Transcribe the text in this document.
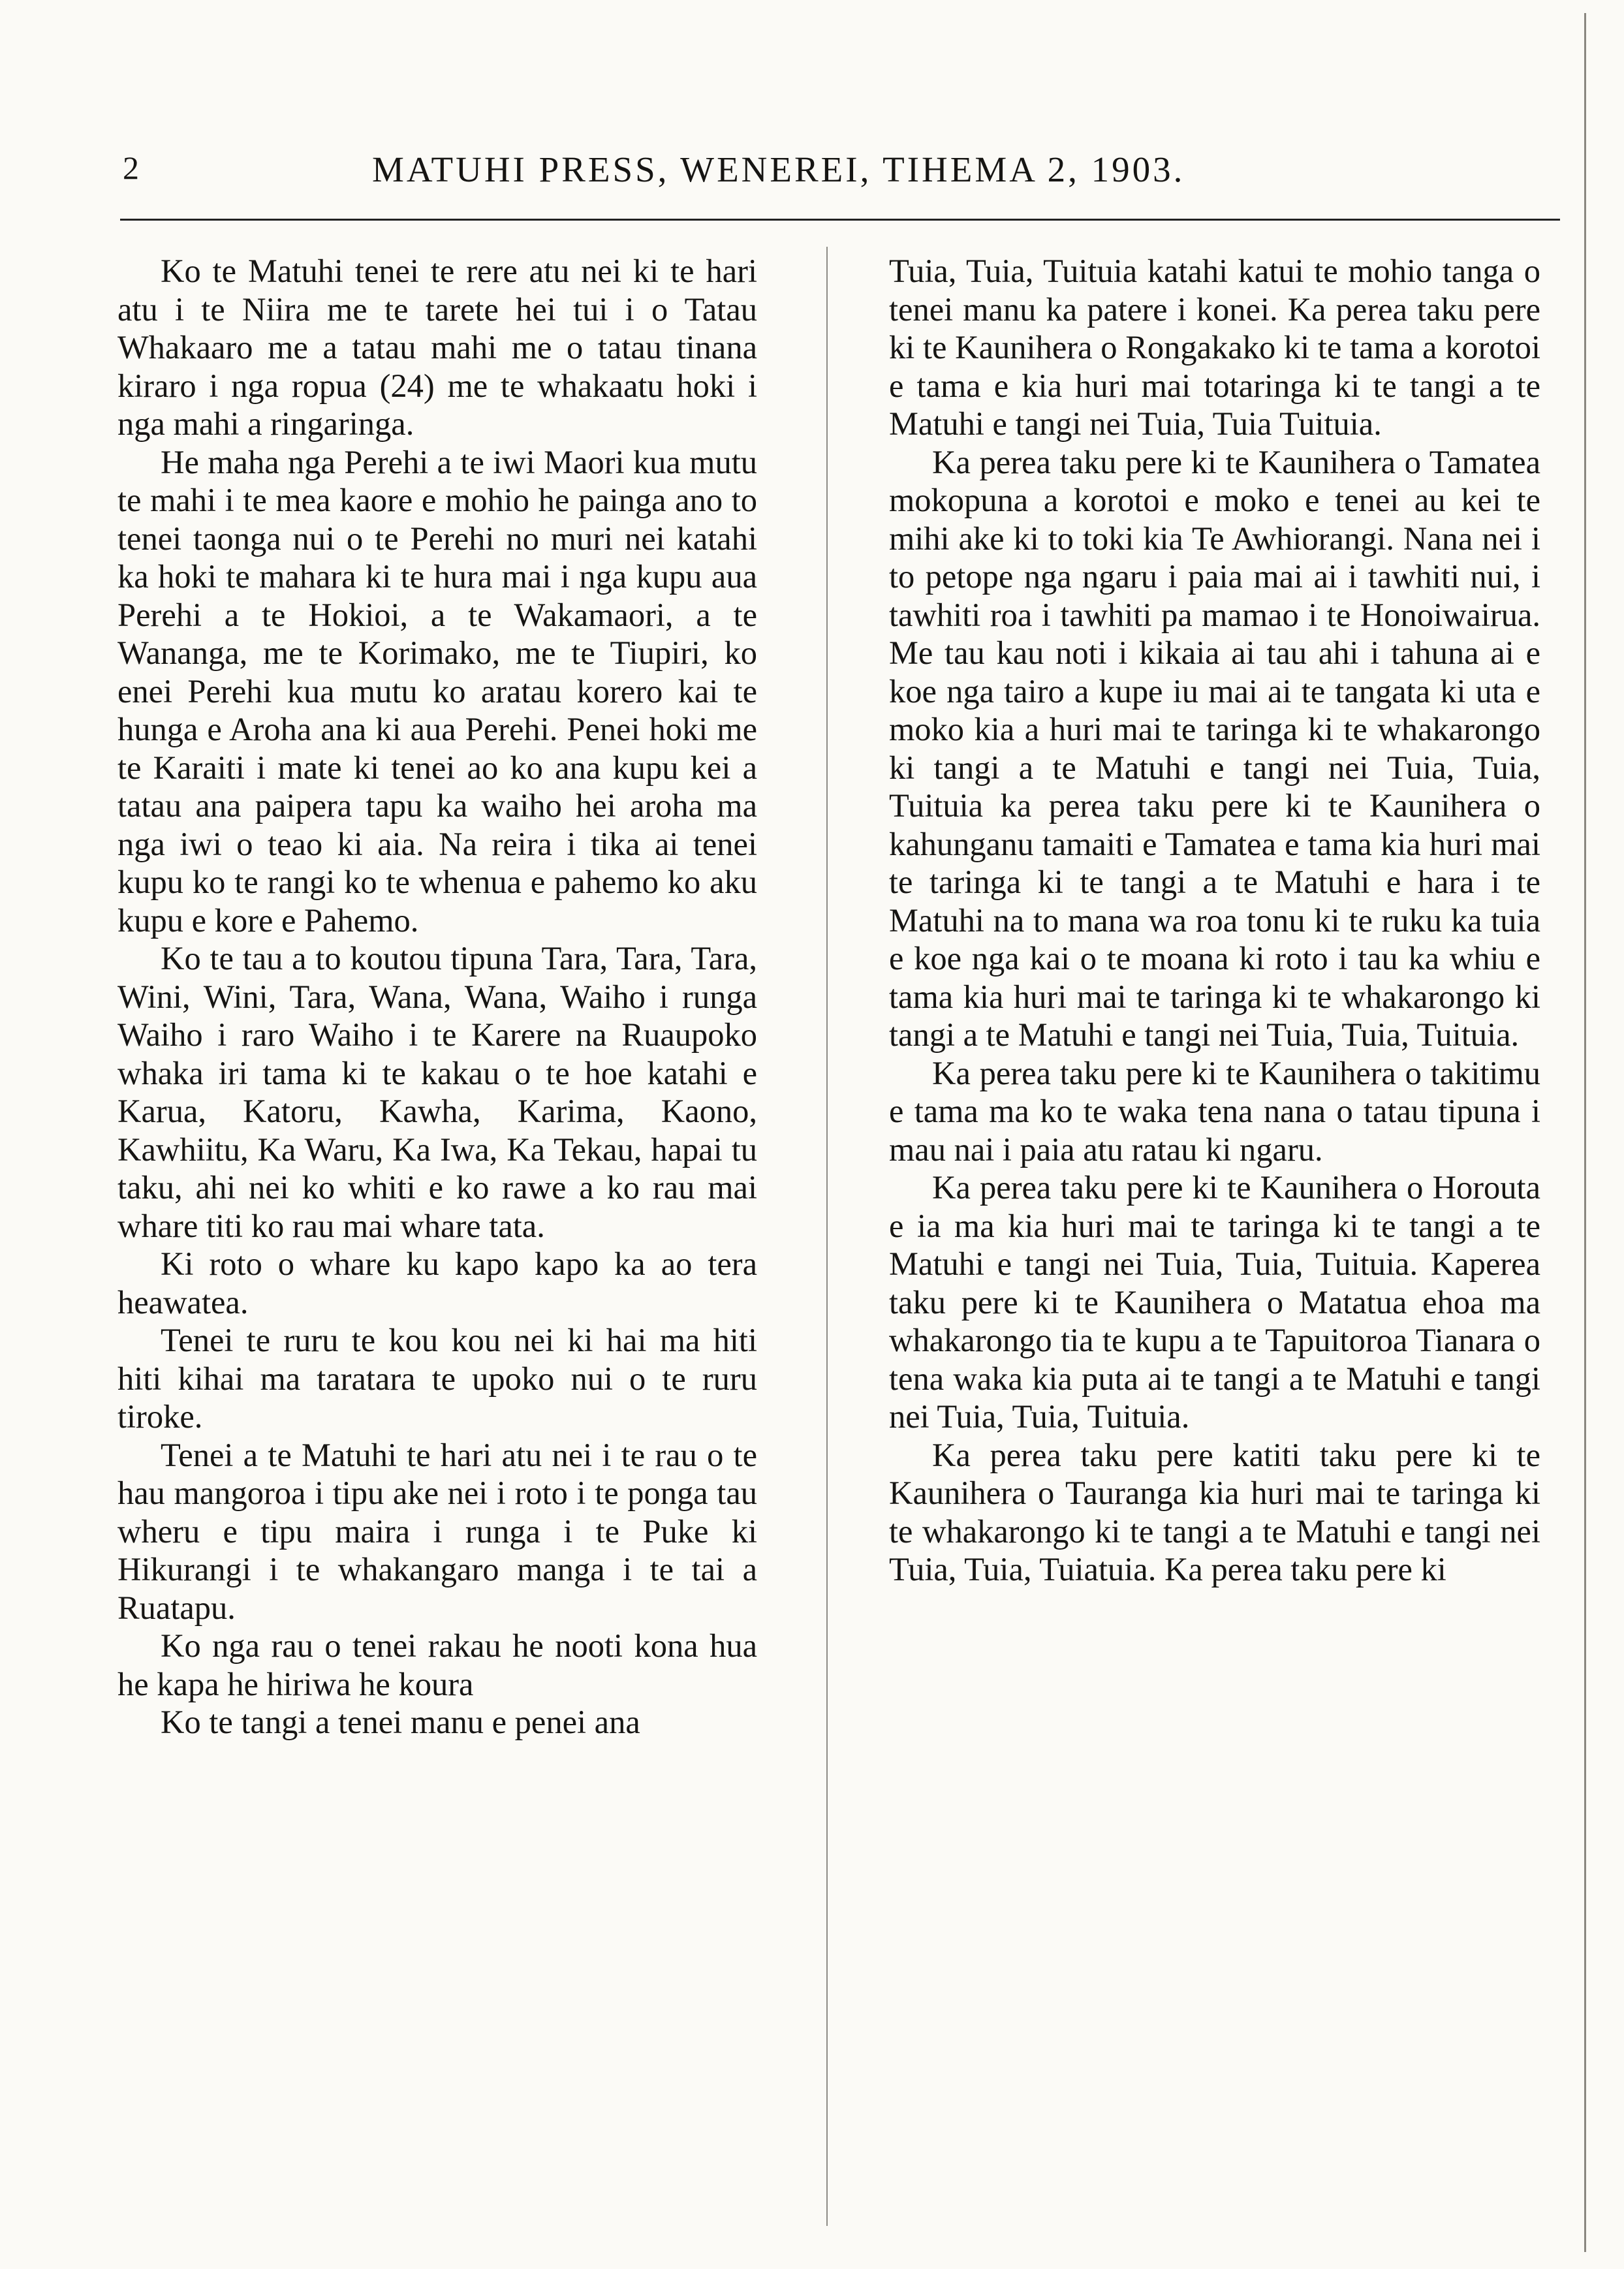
2	MATUHI PRESS, WENEREI, TIHEMA 2, 1903.

Ko te Matuhi tenei te rere atu nei ki te hari atu i te Niira me te tarete hei tui i o Tatau Whakaaro me a tatau mahi me o tatau tinana kiraro i nga ropua (24) me te whakaatu hoki i nga mahi a ringaringa.

He maha nga Perehi a te iwi Maori kua mutu te mahi i te mea kaore e mohio he painga ano to tenei taonga nui o te Perehi no muri nei katahi ka hoki te mahara ki te hura mai i nga kupu aua Perehi a te Hokioi, a te Wakamaori, a te Wananga, me te Korimako, me te Tiupiri, ko enei Perehi kua mutu ko aratau korero kai te hunga e Aroha ana ki aua Perehi. Penei hoki me te Karaiti i mate ki tenei ao ko ana kupu kei a tatau ana paipera tapu ka waiho hei aroha ma nga iwi o teao ki aia. Na reira i tika ai tenei kupu ko te rangi ko te whenua e pahemo ko aku kupu e kore e Pahemo.

Ko te tau a to koutou tipuna Tara, Tara, Tara, Wini, Wini, Tara, Wana, Wana, Waiho i runga Waiho i raro Waiho i te Karere na Ruaupoko whaka iri tama ki te kakau o te hoe katahi e Karua, Katoru, Kawha, Karima, Kaono, Kawhiitu, Ka Waru, Ka Iwa, Ka Tekau, hapai tu taku, ahi nei ko whiti e ko rawe a ko rau mai whare titi ko rau mai whare tata.

Ki roto o whare ku kapo kapo ka ao tera heawatea.

Tenei te ruru te kou kou nei ki hai ma hiti hiti kihai ma taratara te upoko nui o te ruru tiroke.

Tenei a te Matuhi te hari atu nei i te rau o te hau mangoroa i tipu ake nei i roto i te ponga tau wheru e tipu maira i runga i te Puke ki Hikurangi i te whakangaro manga i te tai a Ruatapu.

Ko nga rau o tenei rakau he nooti kona hua he kapa he hiriwa he koura

Ko te tangi a tenei manu e penei ana

Tuia, Tuia, Tuituia katahi katui te mohio tanga o tenei manu ka patere i konei. Ka perea taku pere ki te Kaunihera o Rongakako ki te tama a korotoi e tama e kia huri mai totaringa ki te tangi a te Matuhi e tangi nei Tuia, Tuia Tuituia.

Ka perea taku pere ki te Kaunihera o Tamatea mokopuna a korotoi e moko e tenei au kei te mihi ake ki to toki kia Te Awhiorangi. Nana nei i to petope nga ngaru i paia mai ai i tawhiti nui, i tawhiti roa i tawhiti pa mamao i te Honoiwairua. Me tau kau noti i kikaia ai tau ahi i tahuna ai e koe nga tairo a kupe iu mai ai te tangata ki uta e moko kia a huri mai te taringa ki te whakarongo ki tangi a te Matuhi e tangi nei Tuia, Tuia, Tuituia ka perea taku pere ki te Kaunihera o kahunganu tamaiti e Tamatea e tama kia huri mai te taringa ki te tangi a te Matuhi e hara i te Matuhi na to mana wa roa tonu ki te ruku ka tuia e koe nga kai o te moana ki roto i tau ka whiu e tama kia huri mai te taringa ki te whakarongo ki tangi a te Matuhi e tangi nei Tuia, Tuia, Tuituia.

Ka perea taku pere ki te Kaunihera o takitimu e tama ma ko te waka tena nana o tatau tipuna i mau nai i paia atu ratau ki ngaru.

Ka perea taku pere ki te Kaunihera o Horouta e ia ma kia huri mai te taringa ki te tangi a te Matuhi e tangi nei Tuia, Tuia, Tuituia. Kaperea taku pere ki te Kaunihera o Matatua ehoa ma whakarongo tia te kupu a te Tapuitoroa Tianara o tena waka kia puta ai te tangi a te Matuhi e tangi nei Tuia, Tuia, Tuituia.

Ka perea taku pere katiti taku pere ki te Kaunihera o Tauranga kia huri mai te taringa ki te whakarongo ki te tangi a te Matuhi e tangi nei Tuia, Tuia, Tuiatuia. Ka perea taku pere ki
